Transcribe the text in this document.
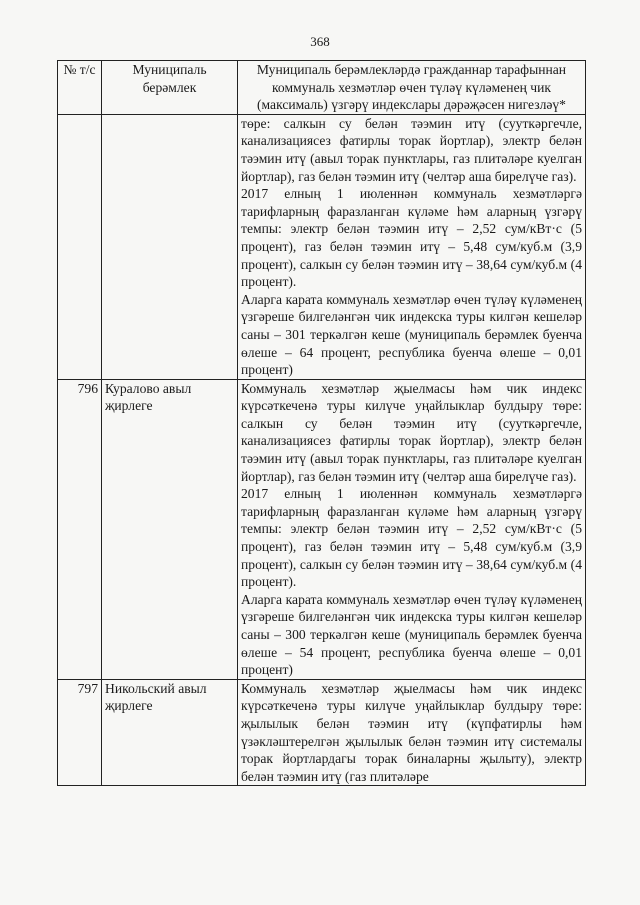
368
№ т/с	Муниципаль берәмлек	Муниципаль берәмлекләрдә гражданнар тарафыннан коммуналь хезмәтләр өчен түләү күләменең чик (максималь) үзгәрү индекслары дәрәҗәсен нигезләү*

		төре: салкын су белән тәэмин итү (сууткәргечле, канализациясез фатирлы торак йортлар), электр белән тәэмин итү (авыл торак пунктлары, газ плитәләре куелган йортлар), газ белән тәэмин итү (челтәр аша бирелүче газ).

2017 елның 1 июленнән коммуналь хезмәтләргә тарифларның фаразланган күләме һәм аларның үзгәрү темпы: электр белән тәэмин итү – 2,52 сум/кВт·с (5 процент), газ белән тәэмин итү – 5,48 сум/куб.м (3,9 процент), салкын су белән тәэмин итү – 38,64 сум/куб.м (4 процент).

Аларга карата коммуналь хезмәтләр өчен түләү күләменең үзгәреше билгеләнгән чик индекска туры килгән кешеләр саны – 301 теркәлгән кеше (муниципаль берәмлек буенча өлеше – 64 процент, республика буенча өлеше – 0,01 процент)

796	Куралово авыл җирлеге	Коммуналь хезмәтләр җыелмасы һәм чик индекс күрсәткеченә туры килүче уңайлыклар булдыру төре: салкын су белән тәэмин итү (сууткәргечле, канализациясез фатирлы торак йортлар), электр белән тәэмин итү (авыл торак пунктлары, газ плитәләре куелган йортлар), газ белән тәэмин итү (челтәр аша бирелүче газ).

2017 елның 1 июленнән коммуналь хезмәтләргә тарифларның фаразланган күләме һәм аларның үзгәрү темпы: электр белән тәэмин итү – 2,52 сум/кВт·с (5 процент), газ белән тәэмин итү – 5,48 сум/куб.м (3,9 процент), салкын су белән тәэмин итү – 38,64 сум/куб.м (4 процент).

Аларга карата коммуналь хезмәтләр өчен түләү күләменең үзгәреше билгеләнгән чик индекска туры килгән кешеләр саны – 300 теркәлгән кеше (муниципаль берәмлек буенча өлеше – 54 процент, республика буенча өлеше – 0,01 процент)

797	Никольский авыл җирлеге	Коммуналь хезмәтләр җыелмасы һәм чик индекс күрсәткеченә туры килүче уңайлыклар булдыру төре: җылылык белән тәэмин итү (күпфатирлы һәм үзәкләштерелгән җылылык белән тәэмин итү системалы торак йортлардагы торак биналарны җылыту), электр белән тәэмин итү (газ плитәләре
